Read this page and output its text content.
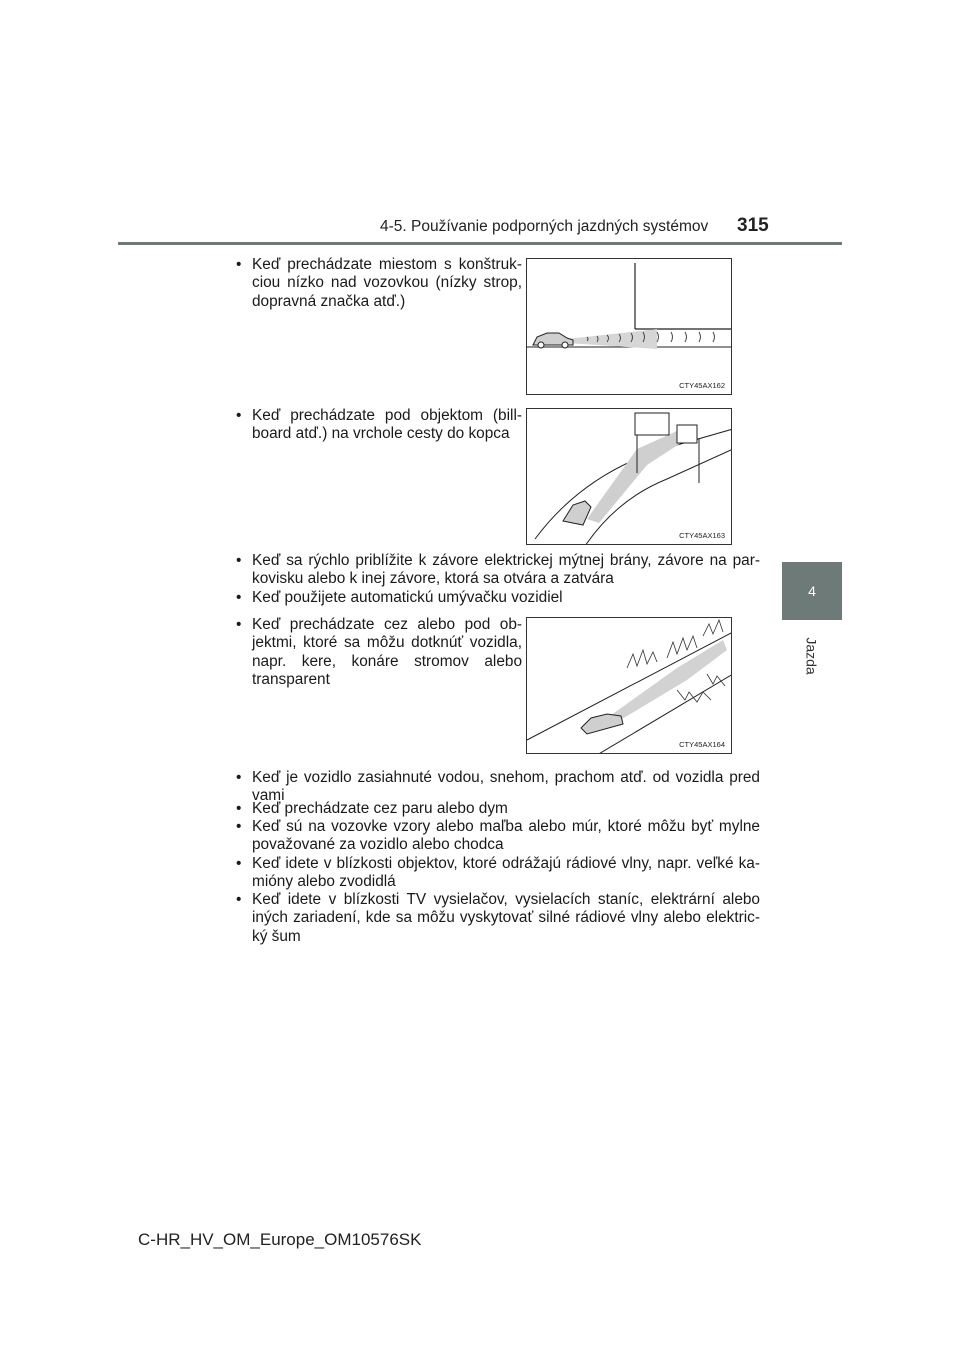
4-5. Používanie podporných jazdných systémov 315
4
Jazda
• Keď prechádzate miestom s konštruk-ciou nízko nad vozovkou (nízky strop, dopravná značka atď.)
CTY45AX162
• Keď prechádzate pod objektom (bill-board atď.) na vrchole cesty do kopca
CTY45AX163
• Keď sa rýchlo priblížite k závore elektrickej mýtnej brány, závore na par-kovisku alebo k inej závore, ktorá sa otvára a zatvára
• Keď použijete automatickú umývačku vozidiel
• Keď prechádzate cez alebo pod ob-jektmi, ktoré sa môžu dotknúť vozidla, napr. kere, konáre stromov alebo transparent
CTY45AX164
• Keď je vozidlo zasiahnuté vodou, snehom, prachom atď. od vozidla pred vami
• Keď prechádzate cez paru alebo dym
• Keď sú na vozovke vzory alebo maľba alebo múr, ktoré môžu byť mylne považované za vozidlo alebo chodca
• Keď idete v blízkosti objektov, ktoré odrážajú rádiové vlny, napr. veľké ka-mióny alebo zvodidlá
• Keď idete v blízkosti TV vysielačov, vysielacích staníc, elektrární alebo iných zariadení, kde sa môžu vyskytovať silné rádiové vlny alebo elektric-ký šum
C-HR_HV_OM_Europe_OM10576SK
